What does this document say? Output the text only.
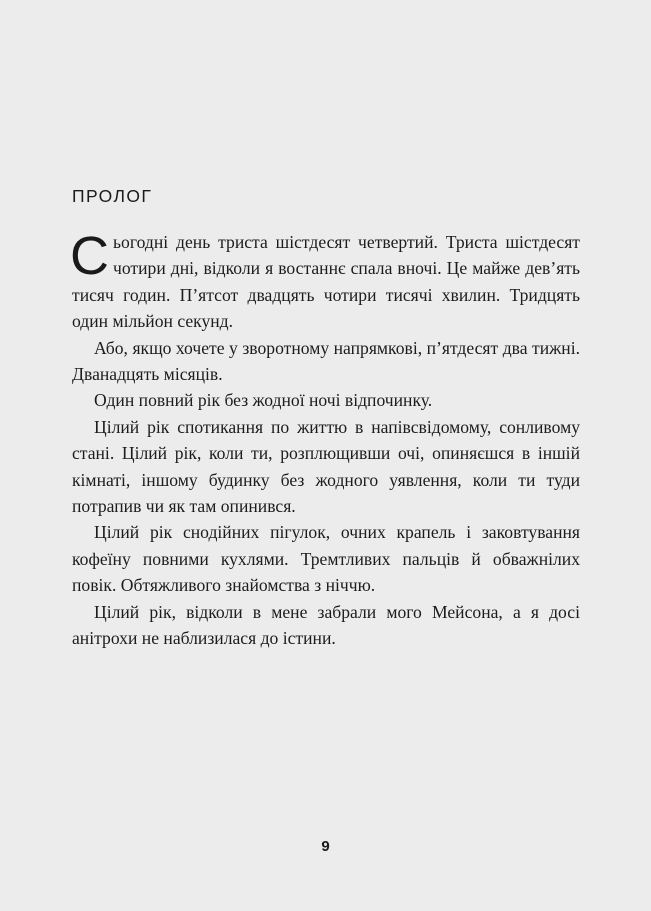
ПРОЛОГ

Сьогодні день триста шістдесят четвертий. Триста шістдесят чотири дні, відколи я востаннє спала вночі. Це майже дев’ять тисяч годин. П’ятсот двадцять чотири тисячі хвилин. Тридцять один мільйон секунд.

Або, якщо хочете у зворотному напрямкові, п’ятдесят два тижні. Дванадцять місяців.

Один повний рік без жодної ночі відпочинку.

Цілий рік спотикання по життю в напівсвідомому, сонливому стані. Цілий рік, коли ти, розплющивши очі, опиняєшся в іншій кімнаті, іншому будинку без жодного уявлення, коли ти туди потрапив чи як там опинився.

Цілий рік снодійних пігулок, очних крапель і заковтування кофеїну повними кухлями. Тремтливих пальців й обважнілих повік. Обтяжливого знайомства з ніччю.

Цілий рік, відколи в мене забрали мого Мейсона, а я досі анітрохи не наблизилася до істини.

9
